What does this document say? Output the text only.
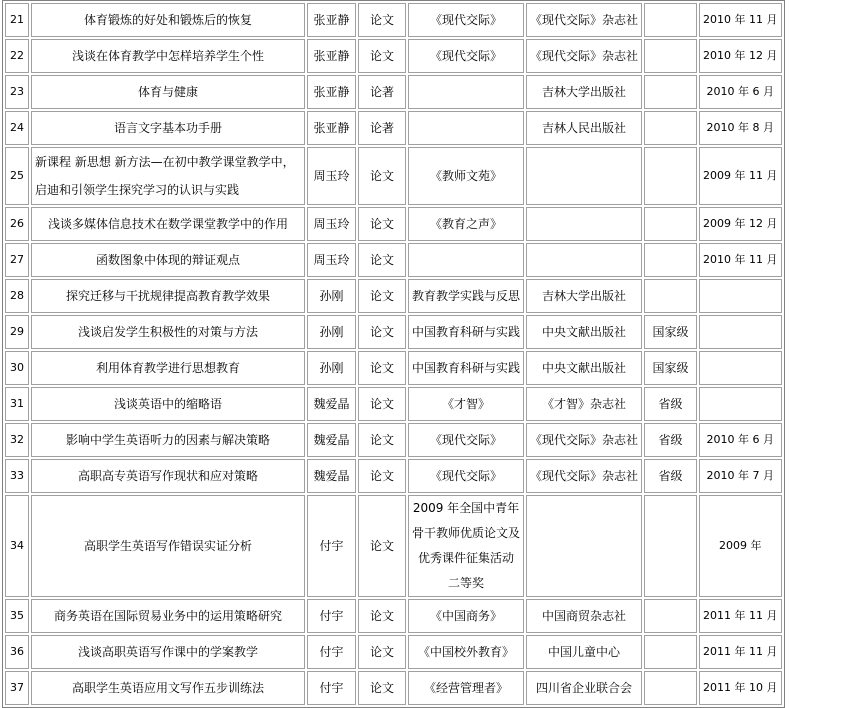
21	体育锻炼的好处和锻炼后的恢复	张亚静	论文	《现代交际》	《现代交际》杂志社		2010 年 11 月
22	浅谈在体育教学中怎样培养学生个性	张亚静	论文	《现代交际》	《现代交际》杂志社		2010 年 12 月
23	体育与健康	张亚静	论著		吉林大学出版社		2010 年 6 月
24	语言文字基本功手册	张亚静	论著		吉林人民出版社		2010 年 8 月
25	新课程 新思想 新方法—在初中教学课堂教学中，启迪和引领学生探究学习的认识与实践	周玉玲	论文	《教师文苑》			2009 年 11 月
26	浅谈多媒体信息技术在数学课堂教学中的作用	周玉玲	论文	《教育之声》			2009 年 12 月
27	函数图象中体现的辩证观点	周玉玲	论文				2010 年 11 月
28	探究迁移与干扰规律提高教育教学效果	孙刚	论文	教育教学实践与反思	吉林大学出版社		
29	浅谈启发学生积极性的对策与方法	孙刚	论文	中国教育科研与实践	中央文献出版社	国家级	
30	利用体育教学进行思想教育	孙刚	论文	中国教育科研与实践	中央文献出版社	国家级	
31	浅谈英语中的缩略语	魏爱晶	论文	《才智》	《才智》杂志社	省级	
32	影响中学生英语听力的因素与解决策略	魏爱晶	论文	《现代交际》	《现代交际》杂志社	省级	2010 年 6 月
33	高职高专英语写作现状和应对策略	魏爱晶	论文	《现代交际》	《现代交际》杂志社	省级	2010 年 7 月
34	高职学生英语写作错误实证分析	付宇	论文	2009 年全国中青年骨干教师优质论文及优秀课件征集活动 二等奖			2009 年
35	商务英语在国际贸易业务中的运用策略研究	付宇	论文	《中国商务》	中国商贸杂志社		2011 年 11 月
36	浅谈高职英语写作课中的学案教学	付宇	论文	《中国校外教育》	中国儿童中心		2011 年 11 月
37	高职学生英语应用文写作五步训练法	付宇	论文	《经营管理者》	四川省企业联合会		2011 年 10 月
